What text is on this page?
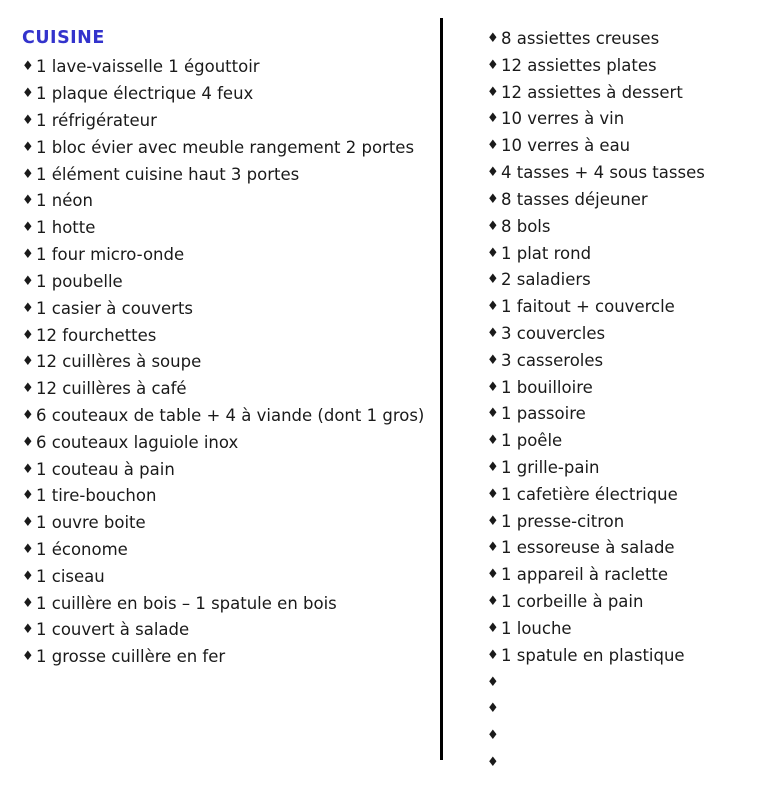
CUISINE
♦ 1 lave-vaisselle 1 égouttoir
♦ 1 plaque électrique 4 feux
♦ 1 réfrigérateur
♦ 1 bloc évier avec meuble rangement 2 portes
♦ 1 élément cuisine haut 3 portes
♦ 1 néon
♦ 1 hotte
♦ 1 four micro-onde
♦ 1 poubelle
♦ 1 casier à couverts
♦ 12 fourchettes
♦ 12 cuillères à soupe
♦ 12 cuillères à café
♦ 6 couteaux de table + 4 à viande (dont 1 gros)
♦ 6 couteaux laguiole inox
♦ 1 couteau à pain
♦ 1 tire-bouchon
♦ 1 ouvre boite
♦ 1 économe
♦ 1 ciseau
♦ 1 cuillère en bois – 1 spatule en bois
♦ 1 couvert à salade
♦ 1 grosse cuillère en fer
♦ 8 assiettes creuses
♦ 12 assiettes plates
♦ 12 assiettes à dessert
♦ 10 verres à vin
♦ 10 verres à eau
♦ 4 tasses + 4 sous tasses
♦ 8 tasses déjeuner
♦ 8 bols
♦ 1 plat rond
♦ 2 saladiers
♦ 1 faitout + couvercle
♦ 3 couvercles
♦ 3 casseroles
♦ 1 bouilloire
♦ 1 passoire
♦ 1 poêle
♦ 1 grille-pain
♦ 1 cafetière électrique
♦ 1 presse-citron
♦ 1 essoreuse à salade
♦ 1 appareil à raclette
♦ 1 corbeille à pain
♦ 1 louche
♦ 1 spatule en plastique
♦
♦
♦
♦
